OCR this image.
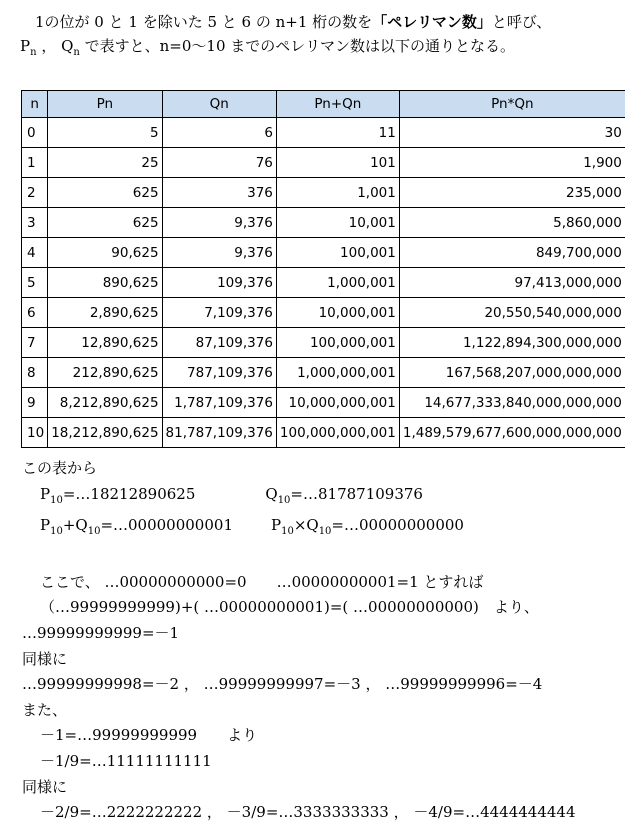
1の位が 0 と 1 を除いた 5 と 6 の n+1 桁の数を「ペレリマン数」と呼び、
$P_n$ ， $Q_n$ で表すと、n=0～10 までのペレリマン数は以下の通りとなる。
n	Pn	Qn	Pn+Qn	Pn*Qn
0	5	6	11	30
1	25	76	101	1,900
2	625	376	1,001	235,000
3	625	9,376	10,001	5,860,000
4	90,625	9,376	100,001	849,700,000
5	890,625	109,376	1,000,001	97,413,000,000
6	2,890,625	7,109,376	10,000,001	20,550,540,000,000
7	12,890,625	87,109,376	100,000,001	1,122,894,300,000,000
8	212,890,625	787,109,376	1,000,000,001	167,568,207,000,000,000
9	8,212,890,625	1,787,109,376	10,000,000,001	14,677,333,840,000,000,000
10	18,212,890,625	81,787,109,376	100,000,000,001	1,489,579,677,600,000,000,000
この表から
$P_{10}=\dots 18212890625$	$Q_{10}=\dots 81787109376$
$P_{10}+Q_{10}=\dots 00000000001$	$P_{10}\times Q_{10}=\dots 00000000000$
ここで、 …00000000000=0 …00000000001=1 とすれば
（…99999999999)+( …00000000001)=( …00000000000)　より、
…99999999999=－1
同様に
…99999999998=－2 ， …99999999997=－3 ， …99999999996=－4
また、
－1=…99999999999 より
－1/9=…11111111111
同様に
－2/9=…2222222222 ， －3/9=…3333333333 ， －4/9=…4444444444
